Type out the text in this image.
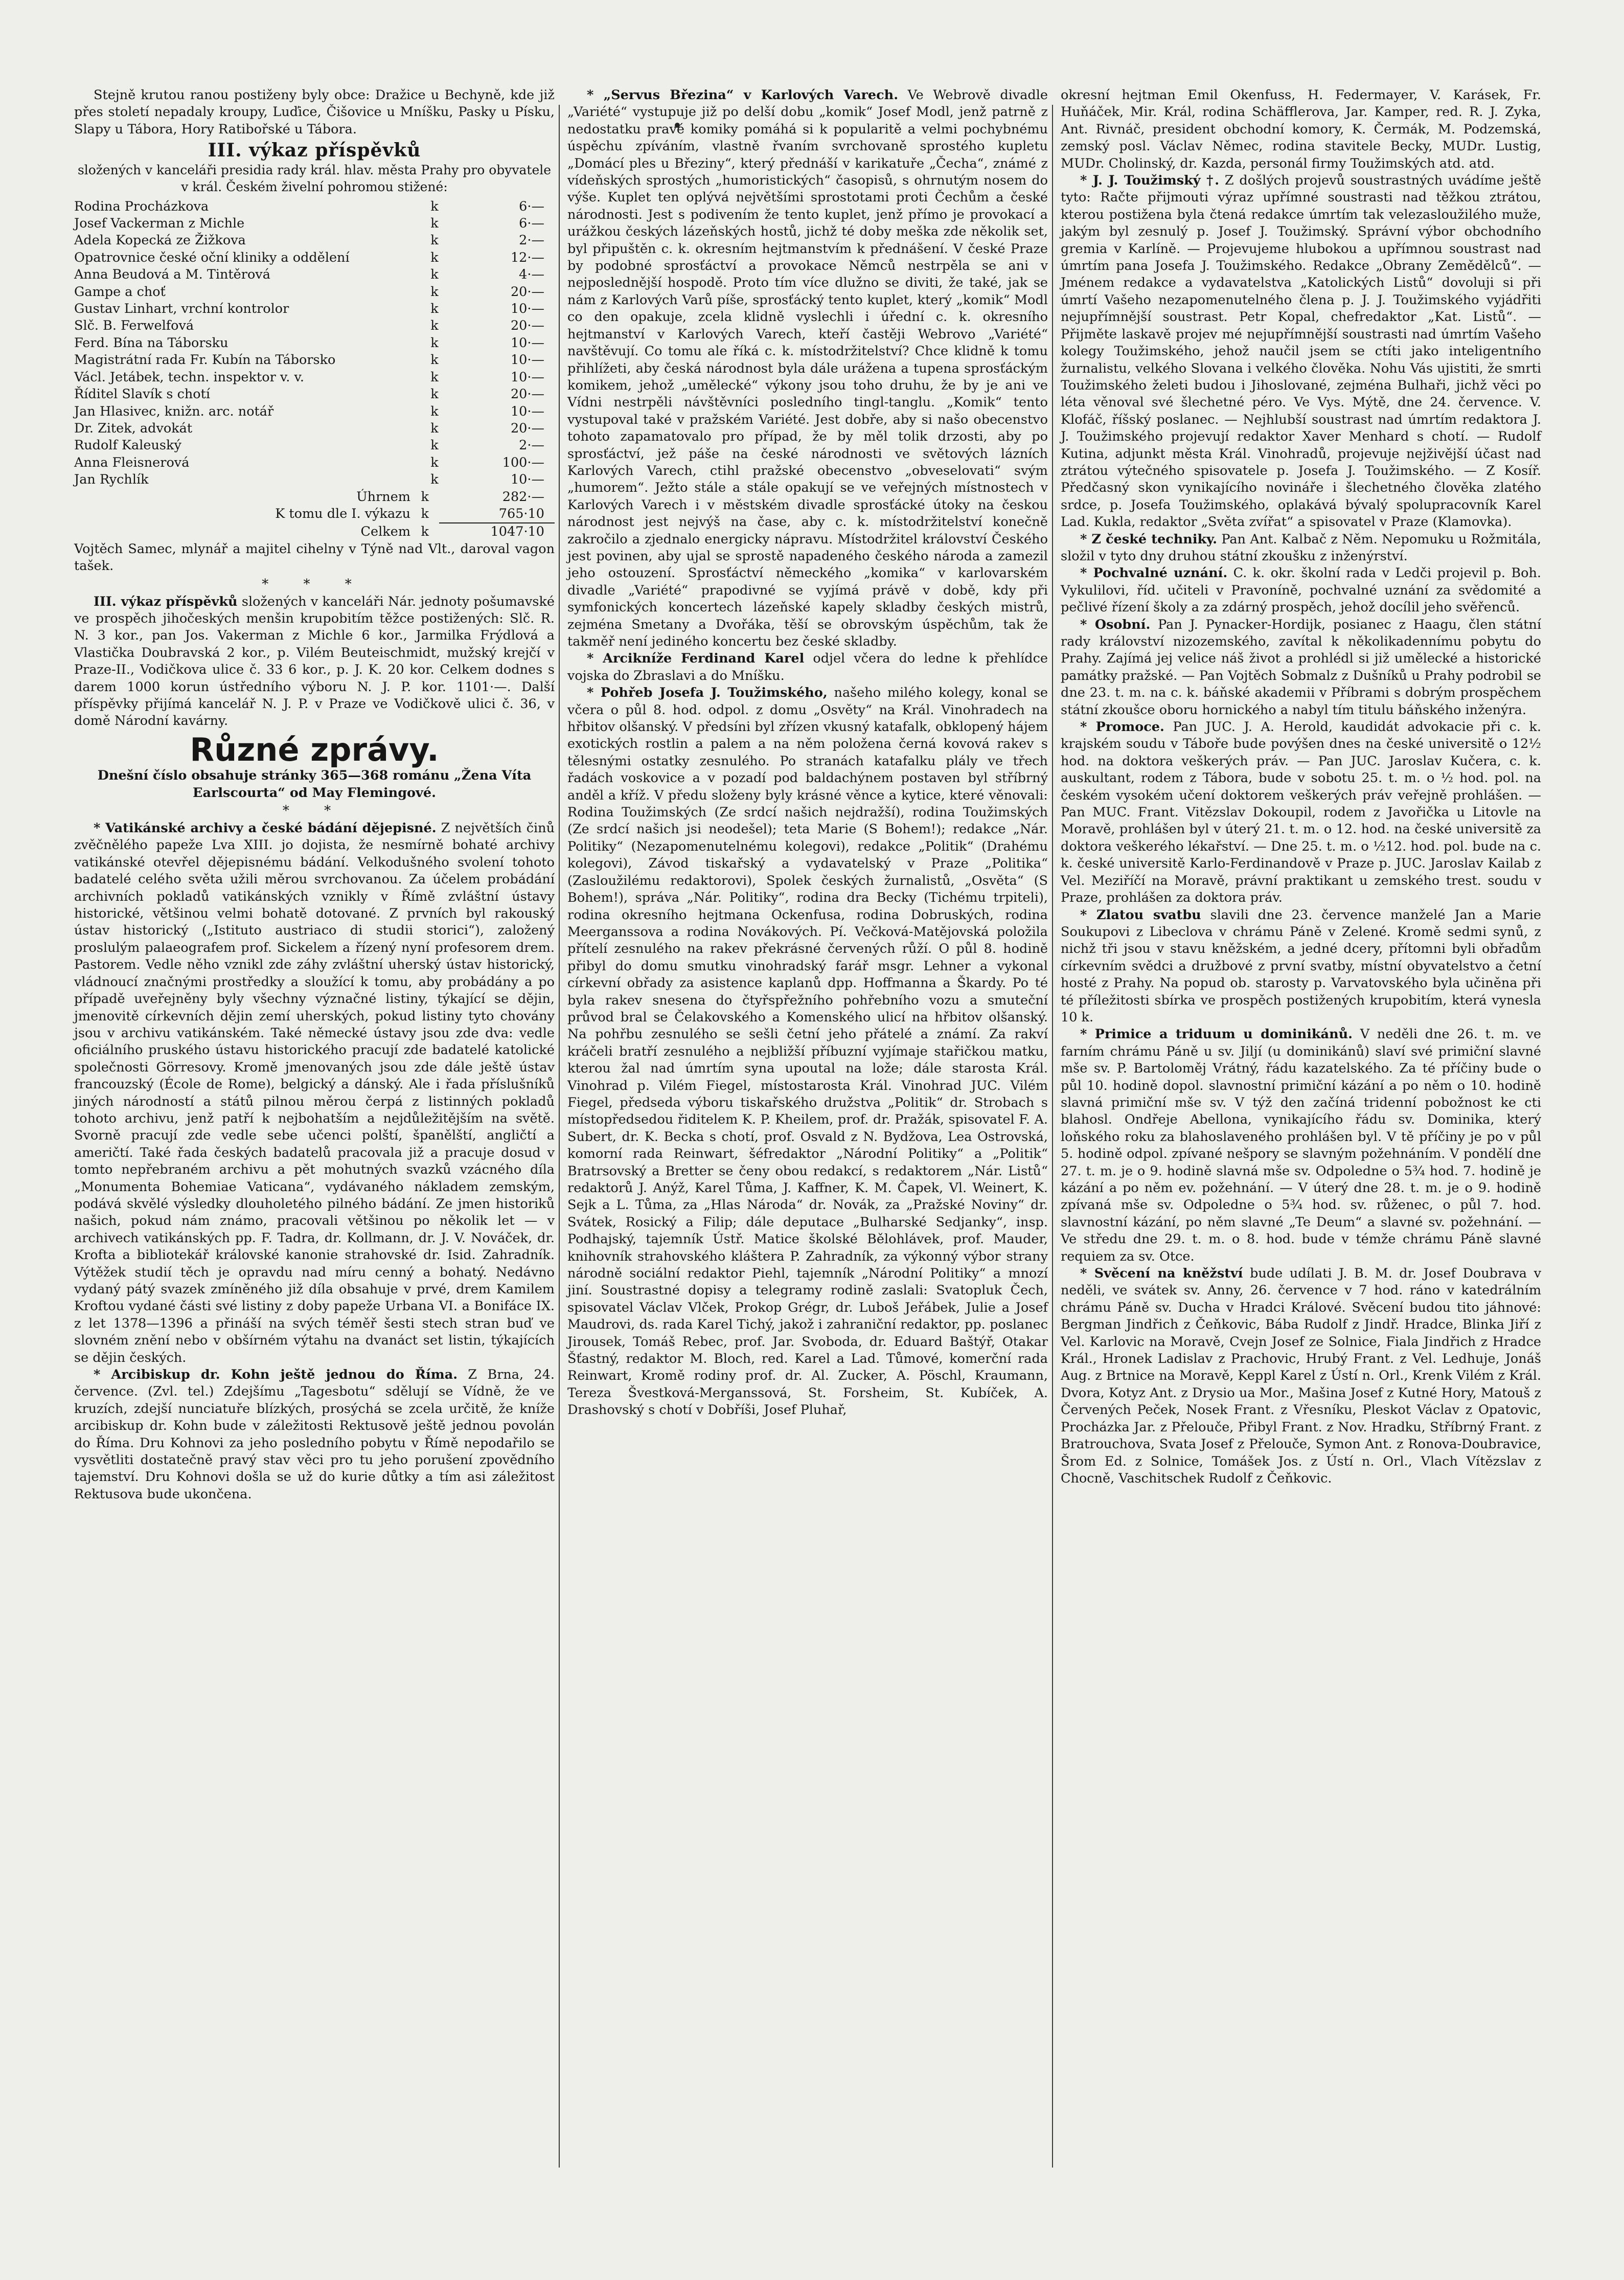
Stejně krutou ranou postiženy byly obce: Dražice u Bechyně, kde již přes století nepadaly kroupy, Luďice, Čišovice u Mníšku, Pasky u Písku, Slapy u Tábora, Hory Ratibořské u Tábora.

III. výkaz příspěvků
složených v kanceláři presidia rady král. hlav. města Prahy pro obyvatele v král. Českém živelní pohromou stižené:
Rodina Procházkova	k	6·—
Josef Vackerman z Michle	k	6·—
Adela Kopecká ze Žižkova	k	2·—
Opatrovnice české oční kliniky a oddělení	k	12·—
Anna Beudová a M. Tintěrová	k	4·—
Gampe a choť	k	20·—
Gustav Linhart, vrchní kontrolor	k	10·—
Slč. B. Ferwelfová	k	20·—
Ferd. Bína na Táborsku	k	10·—
Magistrátní rada Fr. Kubín na Táborsko	k	10·—
Václ. Jetábek, techn. inspektor v. v.	k	10·—
Říditel Slavík s chotí	k	20·—
Jan Hlasivec, knižn. arc. notář	k	10·—
Dr. Zitek, advokát	k	20·—
Rudolf Kaleuský	k	2·—
Anna Fleisnerová	k	100·—
Jan Rychlík	k	10·—
Úhrnem	k	282·—
K tomu dle I. výkazu	k	765·10
Celkem	k	1047·10

Vojtěch Samec, mlynář a majitel cihelny v Týně nad Vlt., daroval vagon tašek.

* * *

III. výkaz příspěvků složených v kanceláři Nár. jednoty pošumavské ve prospěch jihočeských menšin krupobitím těžce postižených: Slč. R. N. 3 kor., pan Jos. Vakerman z Michle 6 kor., Jarmilka Frýdlová a Vlastička Doubravská 2 kor., p. Vilém Beuteischmidt, mužský krejčí v Praze-II., Vodičkova ulice č. 33 6 kor., p. J. K. 20 kor. Celkem dodnes s darem 1000 korun ústředního výboru N. J. P. kor. 1101·—. Další příspěvky přijímá kancelář N. J. P. v Praze ve Vodičkově ulici č. 36, v domě Národní kavárny.

Různé zprávy.

Dnešní číslo obsahuje stránky 365—368 románu „Žena Víta Earlscourta“ od May Flemingové.

* *

* Vatikánské archivy a české bádání dějepisné. Z největších činů zvěčnělého papeže Lva XIII. jo dojista, že nesmírně bohaté archivy vatikánské otevřel dějepisnému bádání. Velkodušného svolení tohoto badatelé celého světa užili měrou svrchovanou. Za účelem probádání archivních pokladů vatikánských vznikly v Římě zvláštní ústavy historické, většinou velmi bohatě dotované. Z prvních byl rakouský ústav historický („Istituto austriaco di studii storici“), založený proslulým palaeografem prof. Sickelem a řízený nyní profesorem drem. Pastorem. Vedle něho vznikl zde záhy zvláštní uherský ústav historický, vládnoucí značnými prostředky a sloužící k tomu, aby probádány a po případě uveřejněny byly všechny význačné listiny, týkající se dějin, jmenovitě církevních dějin zemí uherských, pokud listiny tyto chovány jsou v archivu vatikánském. Také německé ústavy jsou zde dva: vedle oficiálního pruského ústavu historického pracují zde badatelé katolické společnosti Görresovy. Kromě jmenovaných jsou zde dále ještě ústav francouzský (École de Rome), belgický a dánský. Ale i řada příslušníků jiných národností a států pilnou měrou čerpá z listinných pokladů tohoto archivu, jenž patří k nejbohatším a nejdůležitějším na světě. Svorně pracují zde vedle sebe učenci polští, španělští, angličtí a američtí. Také řada českých badatelů pracovala již a pracuje dosud v tomto nepřebraném archivu a pět mohutných svazků vzácného díla „Monumenta Bohemiae Vaticana“, vydávaného nákladem zemským, podává skvělé výsledky dlouholetého pilného bádání. Ze jmen historiků našich, pokud nám známo, pracovali většinou po několik let — v archivech vatikánských pp. F. Tadra, dr. Kollmann, dr. J. V. Nováček, dr. Krofta a bibliotekář královské kanonie strahovské dr. Isid. Zahradník. Výtěžek studií těch je opravdu nad míru cenný a bohatý. Nedávno vydaný pátý svazek zmíněného již díla obsahuje v prvé, drem Kamilem Kroftou vydané části své listiny z doby papeže Urbana VI. a Bonifáce IX. z let 1378—1396 a přináší na svých téměř šesti stech stran buď ve slovném znění nebo v obšírném výtahu na dvanáct set listin, týkajících se dějin českých.

* Arcibiskup dr. Kohn ještě jednou do Říma. Z Brna, 24. července. (Zvl. tel.) Zdejšímu „Tagesbotu“ sdělují se Vídně, že ve kruzích, zdejší nunciatuře blízkých, prosýchá se zcela určitě, že kníže arcibiskup dr. Kohn bude v záležitosti Rektusově ještě jednou povolán do Říma. Dru Kohnovi za jeho posledního pobytu v Římě nepodařilo se vysvětliti dostatečně pravý stav věci pro tu jeho porušení zpovědního tajemství. Dru Kohnovi došla se už do kurie důtky a tím asi záležitost Rektusova bude ukončena.

* „Servus Březina“ v Karlových Varech. Ve Webrově divadle „Variété“ vystupuje již po delší dobu „komik“ Josef Modl, jenž patrně z nedostatku pravé komiky pomáhá si k popularitě a velmi pochybnému úspěchu zpíváním, vlastně řvaním svrchovaně sprostého kupletu „Domácí ples u Březiny“, který přednáší v karikatuře „Čecha“, známé z vídeňských sprostých „humoristických“ časopisů, s ohrnutým nosem do výše. Kuplet ten oplývá největšími sprostotami proti Čechům a české národnosti. Jest s podivením že tento kuplet, jenž přímo je provokací a urážkou českých lázeňských hostů, jichž té doby meška zde několik set, byl připuštěn c. k. okresním hejtmanstvím k přednášení. V české Praze by podobné sprosťáctví a provokace Němců nestrpěla se ani v nejposlednější hospodě. Proto tím více dlužno se diviti, že také, jak se nám z Karlových Varů píše, sprosťácký tento kuplet, který „komik“ Modl co den opakuje, zcela klidně vyslechli i úřední c. k. okresního hejtmanství v Karlových Varech, kteří častěji Webrovo „Variété“ navštěvují. Co tomu ale říká c. k. místodržitelství? Chce klidně k tomu přihlížeti, aby česká národnost byla dále urážena a tupena sprosťáckým komikem, jehož „umělecké“ výkony jsou toho druhu, že by je ani ve Vídni nestrpěli návštěvníci posledního tingl-tanglu. „Komik“ tento vystupoval také v pražském Variété. Jest dobře, aby si našo obecenstvo tohoto zapamatovalo pro případ, že by měl tolik drzosti, aby po sprosťáctví, jež páše na české národnosti ve světových lázních Karlových Varech, ctihl pražské obecenstvo „obveselovati“ svým „humorem“. Ježto stále a stále opakují se ve veřejných místnostech v Karlových Varech i v městském divadle sprosťácké útoky na českou národnost jest nejvýš na čase, aby c. k. místodržitelství konečně zakročilo a zjednalo energicky nápravu. Místodržitel království Českého jest povinen, aby ujal se sprostě napadeného českého národa a zamezil jeho ostouzení. Sprosťáctví německého „komika“ v karlovarském divadle „Variété“ prapodivné se vyjímá právě v době, kdy při symfonických koncertech lázeňské kapely skladby českých mistrů, zejména Smetany a Dvořáka, těší se obrovským úspěchům, tak že takměř není jediného koncertu bez české skladby.

* Arcikníže Ferdinand Karel odjel včera do ledne k přehlídce vojska do Zbraslavi a do Mníšku.

* Pohřeb Josefa J. Toužimského, našeho milého kolegy, konal se včera o půl 8. hod. odpol. z domu „Osvěty“ na Král. Vinohradech na hřbitov olšanský. V předsíni byl zřízen vkusný katafalk, obklopený hájem exotických rostlin a palem a na něm položena černá kovová rakev s tělesnými ostatky zesnulého. Po stranách katafalku plály ve třech řadách voskovice a v pozadí pod baldachýnem postaven byl stříbrný anděl a kříž. V předu složeny byly krásné věnce a kytice, které věnovali: Rodina Toužimských (Ze srdcí našich nejdražší), rodina Toužimských (Ze srdcí našich jsi neodešel); teta Marie (S Bohem!); redakce „Nár. Politiky“ (Nezapomenutelnému kolegovi), redakce „Politik“ (Drahému kolegovi), Závod tiskařský a vydavatelský v Praze „Politika“ (Zasloužilému redaktorovi), Spolek českých žurnalistů, „Osvěta“ (S Bohem!), správa „Nár. Politiky“, rodina dra Becky (Tichému trpiteli), rodina okresního hejtmana Ockenfusa, rodina Dobruských, rodina Meerganssova a rodina Novákových. Pí. Večková-Matějovská položila přítelí zesnulého na rakev překrásné červených růží. O půl 8. hodině přibyl do domu smutku vinohradský farář msgr. Lehner a vykonal církevní obřady za asistence kaplanů dpp. Hoffmanna a Škardy. Po té byla rakev snesena do čtyřspřežního pohřebního vozu a smuteční průvod bral se Čelakovského a Komenského ulicí na hřbitov olšanský. Na pohřbu zesnulého se sešli četní jeho přátelé a známí. Za rakví kráčeli bratří zesnulého a nejbližší příbuzní vyjímaje stařičkou matku, kterou žal nad úmrtím syna upoutal na lože; dále starosta Král. Vinohrad p. Vilém Fiegel, místostarosta Král. Vinohrad JUC. Vilém Fiegel, předseda výboru tiskařského družstva „Politik“ dr. Strobach s místopředsedou řiditelem K. P. Kheilem, prof. dr. Pražák, spisovatel F. A. Subert, dr. K. Becka s chotí, prof. Osvald z N. Bydžova, Lea Ostrovská, komorní rada Reinwart, šéfredaktor „Národní Politiky“ a „Politik“ Bratrsovský a Bretter se čeny obou redakcí, s redaktorem „Nár. Listů“ redaktorů J. Anýž, Karel Tůma, J. Kaffner, K. M. Čapek, Vl. Weinert, K. Sejk a L. Tůma, za „Hlas Národa“ dr. Novák, za „Pražské Noviny“ dr. Svátek, Rosický a Filip; dále deputace „Bulharské Sedjanky“, insp. Podhajský, tajemník Ústř. Matice školské Bělohlávek, prof. Mauder, knihovník strahovského kláštera P. Zahradník, za výkonný výbor strany národně sociální redaktor Piehl, tajemník „Národní Politiky“ a mnozí jiní. Soustrastné dopisy a telegramy rodině zaslali: Svatopluk Čech, spisovatel Václav Vlček, Prokop Grégr, dr. Luboš Jeřábek, Julie a Josef Maudrovi, ds. rada Karel Tichý, jakož i zahraniční redaktor, pp. poslanec Jirousek, Tomáš Rebec, prof. Jar. Svoboda, dr. Eduard Baštýř, Otakar Šťastný, redaktor M. Bloch, red. Karel a Lad. Tůmové, komerční rada Reinwart, Kromě rodiny prof. dr. Al. Zucker, A. Pöschl, Kraumann, Tereza Švestková-Merganssová, St. Forsheim, St. Kubíček, A. Drashovský s chotí v Dobříši, Josef Pluhař,

okresní hejtman Emil Okenfuss, H. Federmayer, V. Karásek, Fr. Huňáček, Mir. Král, rodina Schäfflerova, Jar. Kamper, red. R. J. Zyka, Ant. Rivnáč, president obchodní komory, K. Čermák, M. Podzemská, zemský posl. Václav Němec, rodina stavitele Becky, MUDr. Lustig, MUDr. Cholinský, dr. Kazda, personál firmy Toužimských atd. atd.

* J. J. Toužimský †. Z došlých projevů soustrastných uvádíme ještě tyto: Račte přijmouti výraz upřímné soustrasti nad těžkou ztrátou, kterou postižena byla čtená redakce úmrtím tak velezasloužilého muže, jakým byl zesnulý p. Josef J. Toužimský. Správní výbor obchodního gremia v Karlíně. — Projevujeme hlubokou a upřímnou soustrast nad úmrtím pana Josefa J. Toužimského. Redakce „Obrany Zemědělců“. — Jménem redakce a vydavatelstva „Katolických Listů“ dovoluji si při úmrtí Vašeho nezapomenutelného člena p. J. J. Toužimského vyjádřiti nejupřímnější soustrast. Petr Kopal, chefredaktor „Kat. Listů“. — Přijměte laskavě projev mé nejupřímnější soustrasti nad úmrtím Vašeho kolegy Toužimského, jehož naučil jsem se ctíti jako inteligentního žurnalistu, velkého Slovana i velkého člověka. Nohu Vás ujistiti, že smrti Toužimského želeti budou i Jihoslované, zejména Bulhaři, jichž věci po léta věnoval své šlechetné péro. Ve Vys. Mýtě, dne 24. července. V. Klofáč, říšský poslanec. — Nejhlubší soustrast nad úmrtím redaktora J. J. Toužimského projevují redaktor Xaver Menhard s chotí. — Rudolf Kutina, adjunkt města Král. Vinohradů, projevuje nejživější účast nad ztrátou výtečného spisovatele p. Josefa J. Toužimského. — Z Kosíř. Předčasný skon vynikajícího novináře i šlechetného člověka zlatého srdce, p. Josefa Toužimského, oplakává bývalý spolupracovník Karel Lad. Kukla, redaktor „Světa zvířat“ a spisovatel v Praze (Klamovka).

* Z české techniky. Pan Ant. Kalbač z Něm. Nepomuku u Rožmitála, složil v tyto dny druhou státní zkoušku z inženýrství.

* Pochvalné uznání. C. k. okr. školní rada v Ledči projevil p. Boh. Vykulilovi, říd. učiteli v Pravoníně, pochvalné uznání za svědomité a pečlivé řízení školy a za zdárný prospěch, jehož docílil jeho svěřenců.

* Osobní. Pan J. Pynacker-Hordijk, posianec z Haagu, člen státní rady království nizozemského, zavítal k několikadennímu pobytu do Prahy. Zajímá jej velice náš život a prohlédl si již umělecké a historické památky pražské. — Pan Vojtěch Sobmalz z Dušníků u Prahy podrobil se dne 23. t. m. na c. k. báňské akademii v Příbrami s dobrým prospěchem státní zkoušce oboru hornického a nabyl tím titulu báňského inženýra.

* Promoce. Pan JUC. J. A. Herold, kaudidát advokacie při c. k. krajském soudu v Táboře bude povýšen dnes na české universitě o 12½ hod. na doktora veškerých práv. — Pan JUC. Jaroslav Kučera, c. k. auskultant, rodem z Tábora, bude v sobotu 25. t. m. o ½ hod. pol. na českém vysokém učení doktorem veškerých práv veřejně prohlášen. — Pan MUC. Frant. Vitězslav Dokoupil, rodem z Javořička u Litovle na Moravě, prohlášen byl v úterý 21. t. m. o 12. hod. na české universitě za doktora veškerého lékařství. — Dne 25. t. m. o ½12. hod. pol. bude na c. k. české universitě Karlo-Ferdinandově v Praze p. JUC. Jaroslav Kailab z Vel. Meziříčí na Moravě, právní praktikant u zemského trest. soudu v Praze, prohlášen za doktora práv.

* Zlatou svatbu slavili dne 23. července manželé Jan a Marie Soukupovi z Libeclova v chrámu Páně v Zelené. Kromě sedmi synů, z nichž tři jsou v stavu kněžském, a jedné dcery, přítomni byli obřadům církevním svědci a družbové z první svatby, místní obyvatelstvo a četní hosté z Prahy. Na popud ob. starosty p. Varvatovského byla učiněna při té příležitosti sbírka ve prospěch postižených krupobitím, která vynesla 10 k.

* Primice a triduum u dominikánů. V neděli dne 26. t. m. ve farním chrámu Páně u sv. Jiljí (u dominikánů) slaví své primiční slavné mše sv. P. Bartoloměj Vrátný, řádu kazatelského. Za té příčiny bude o půl 10. hodině dopol. slavnostní primiční kázání a po něm o 10. hodině slavná primiční mše sv. V týž den začíná tridenní pobožnost ke cti blahosl. Ondřeje Abellona, vynikajícího řádu sv. Dominika, který loňského roku za blahoslaveného prohlášen byl. V tě příčiny je po v půl 5. hodině odpol. zpívané nešpory se slavným požehnáním. V pondělí dne 27. t. m. je o 9. hodině slavná mše sv. Odpoledne o 5¾ hod. 7. hodině je kázání a po něm ev. požehnání. — V úterý dne 28. t. m. je o 9. hodině zpívaná mše sv. Odpoledne o 5¾ hod. sv. růženec, o půl 7. hod. slavnostní kázání, po něm slavné „Te Deum“ a slavné sv. požehnání. — Ve středu dne 29. t. m. o 8. hod. bude v témže chrámu Páně slavné requiem za sv. Otce.

* Svěcení na kněžství bude udílati J. B. M. dr. Josef Doubrava v neděli, ve svátek sv. Anny, 26. července v 7 hod. ráno v katedrálním chrámu Páně sv. Ducha v Hradci Králové. Svěcení budou tito jáhnové: Bergman Jindřich z Čeňkovic, Bába Rudolf z Jindř. Hradce, Blinka Jiří z Vel. Karlovic na Moravě, Cvejn Josef ze Solnice, Fiala Jindřich z Hradce Král., Hronek Ladislav z Prachovic, Hrubý Frant. z Vel. Ledhuje, Jonáš Aug. z Brtnice na Moravě, Keppl Karel z Ústí n. Orl., Krenk Vilém z Král. Dvora, Kotyz Ant. z Drysio ua Mor., Mašina Josef z Kutné Hory, Matouš z Červených Peček, Nosek Frant. z Vřesníku, Pleskot Václav z Opatovic, Procházka Jar. z Přelouče, Přibyl Frant. z Nov. Hradku, Stříbrný Frant. z Bratrouchova, Svata Josef z Přelouče, Symon Ant. z Ronova-Doubravice, Šrom Ed. z Solnice, Tomášek Jos. z Ústí n. Orl., Vlach Vítězslav z Chocně, Vaschitschek Rudolf z Čeňkovic.
